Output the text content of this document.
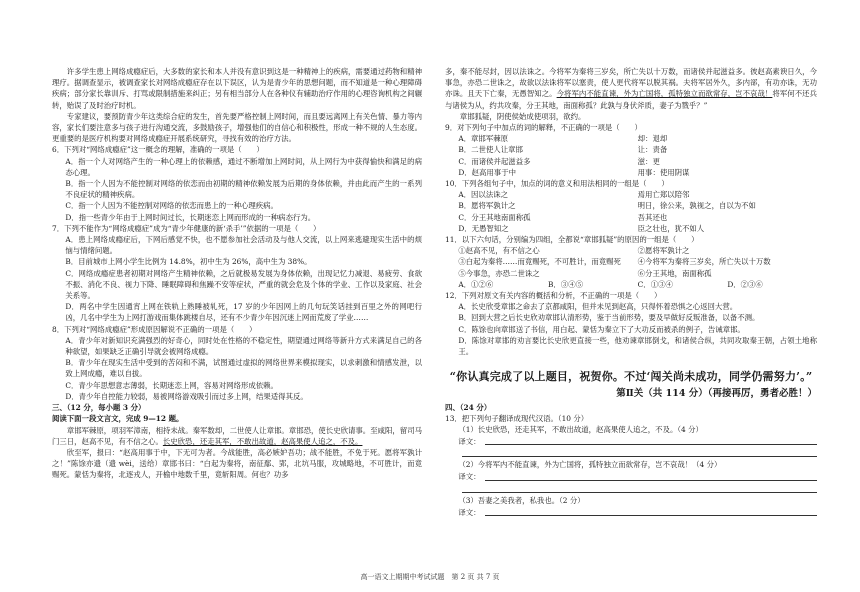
许多学生患上网络成瘾症后，大多数的家长和本人并没有意识到这是一种精神上的疾病，需要通过药物和精神理疗。据调查显示，被调查家长对网络成瘾症存在以下误区，认为是青少年的思想问题，而不知道是一种心理障碍疾病；部分家长靠训斥、打骂或限制措施来纠正；另有相当部分人在各种仪有辅助治疗作用的心理咨询机构之间辗转，贻误了及时治疗时机。

专家建议，要预防青少年这类综合症的发生，首先要严格控制上网时间，而且要远离网上有关色情、暴力等内容，家长们要注意多与孩子进行沟通交流，多鼓励孩子，增强他们的自信心和积极性，形成一种不规的人生态度。更重要的是医疗机构要对网络成瘾症开展系统研究，寻找有效的治疗方法。

6．下列对“网络成瘾症”这一概念的理解，准确的一项是（　　）

A．指一个人对网络产生的一种心理上的依赖感，通过不断增加上网时间，从上网行为中获得愉快和满足的病态心理。

B．指一个人因为不能控制对网络的依恋而由初期的精神依赖发展为后期的身体依赖，并由此而产生的一系列不良症状的精神疾病。

C．指一个人因为不能控制对网络的依恋而患上的一种心理疾病。

D．指一些青少年由于上网时间过长，长期迷恋上网而形成的一种病态行为。

7．下列不能作为“网络成瘾症”成为“青少年健康的新‘杀手’”依据的一项是（　　）

A．患上网络成瘾症后，下网后感觉不快，也不愿参加社会活动及与他人交流，以上网来逃避现实生活中的烦恼与情绪问题。

B．目前城市上网小学生比例为 14.8%，初中生为 26%，高中生为 38%。

C．网络成瘾症患者初期对网络产生精神依赖，之后就极易发展为身体依赖，出现记忆力减退、易疲劳、食欲不振、消化不良、视力下降、睡眠障碍和焦躁不安等症状，严重的就会危及个体的学业、工作以及家庭、社会关系等。

D．两名中学生因通宵上网在铁轨上熟睡被轧死，17 岁的少年因网上的几句玩笑话挂到百里之外的网吧行凶，几名中学生为上网打游戏而集体跳楼自尽，还有不少青少年因沉迷上网而荒废了学业……

8．下列对“网络成瘾症”形成原因解说不正确的一项是（　　）

A．青少年对新知识充满强烈的好奇心，同时处在性格的不稳定性，期望通过网络等新升方式来满足自己的各种欲望，如果缺乏正确引导就会被网络成瘾。

B．青少年在现实生活中受到的苦闷和不满，试图通过虚拟的网络世界来模拟现实，以求刺激和情感发泄，以致上网成瘾，难以自拔。

C．青少年思想意志薄弱，长期迷恋上网，容易对网络形成依赖。

D．青少年自控能力较弱，易被网络游戏吸引而过多上网，结果适得其反。

三、（12 分，每小题 3 分）

阅读下面一段文言文，完成 9—12 题。

章邯军棘原，项羽军漳南，相持未战。秦军数却，二世使人让章邯。章邯恐，使长史欣请事。至咸阳，留司马门三日，赵高不见，有不信之心。长史欣恐，还走其军，不敢出故道，赵高果使人追之，不及。

欣至军，报曰：“赵高用事于中，下无可为者。今战能胜，高必嫉妒吾功；战不能胜，不免于死。愿将军孰计之！”陈馀亦遗（遗 wèi，送给）章邯书曰：“白起为秦将，南征鄢、郢，北坑马服，攻城略地，不可胜计，而竟赐死。蒙恬为秦将，北逐戎人，开榆中地数千里，竟斩阳周。何也？功多

多，秦不能尽封，因以法诛之。今将军为秦将三岁矣，所亡失以十万数，而诸侯并起滋益多。彼赵高素谀日久，今事急，亦恐二世诛之，故欲以法诛将军以塞责，使人更代将军以脱其祸。夫将军居外久，多内郤，有功亦诛，无功亦诛。且天下亡秦，无愚智知之。今将军内不能直谏，外为亡国将，孤特独立而欲常存，岂不哀哉！将军何不还兵与诸侯为从，约共攻秦，分王其地，南面称孤？此孰与身伏斧质，妻子为戮乎？”

章邯狐疑，阴使侯始成使项羽，欲约。

9．对下列句子中加点的词的解释，不正确的一项是（　　）

A．章邯军棘原	却：退却
B．二世使人让章邯	让：责备
C．而诸侯并起滋益多	滋：更
D．赵高用事于中	用事：使用阴谋

10．下列各组句子中，加点的词的意义和用法相同的一组是（　　）

A．因以法诛之	焉用亡郑以陪邻
B．愿将军孰计之	明日，徐公来，孰视之，自以为不如
C．分王其地南面称孤	吾其还也
D．无愚智知之	臣之壮也，犹不如人

11．以下六句话，分别编为四组，全都说“章邯狐疑”的原因的一组是（　　）

①赵高不见，有不信之心	②愿将军孰计之
③白起为秦将……而竟赐死，不可胜计，而竟赐死	④今将军为秦将三岁矣，所亡失以十万数
⑤今事急，亦恐二世诛之	⑥分王其地，南面称孤
A．①②⑥	B．③④⑤	C．①③④	D．②③⑥

12．下列对原文有关内容的概括和分析，不正确的一项是（　　）

A．长史欣受章邯之命去了京都咸阳，但并未见到赵高，只得怀着恐惧之心返回大营。

B．回到大营之后长史欣劝章邯认清形势，鉴于当前形势，要及早做好反叛准备，以备不测。

C．陈馀也向章邯送了书信，用白起、蒙恬为秦立下了大功反而被杀的例子，告诫章邯。

D．陈馀对章邯的劝言要比长史欣更直接一些，他劝谏章邯倒戈，和诸侯合纵，共同攻取秦王朝，占领土地称王。

“你认真完成了以上题目，祝贺你。不过‘闯关尚未成功，同学仍需努力’。”
第Ⅱ关（共 114 分）（再接再厉，勇者必胜！）

四、（24 分）

13．把下列句子翻译成现代汉语。（10 分）

（1）长史欣恐，还走其军，不敢出故道，赵高果使人追之，不及。（4 分）

译文：

（2）今将军内不能直谏，外为亡国将，孤特独立而欲常存，岂不哀哉！（4 分）

译文：

（3）吾妻之美我者，私我也。（2 分）

译文：
高一语文上期期中考试试题　第 2 页 共 7 页
